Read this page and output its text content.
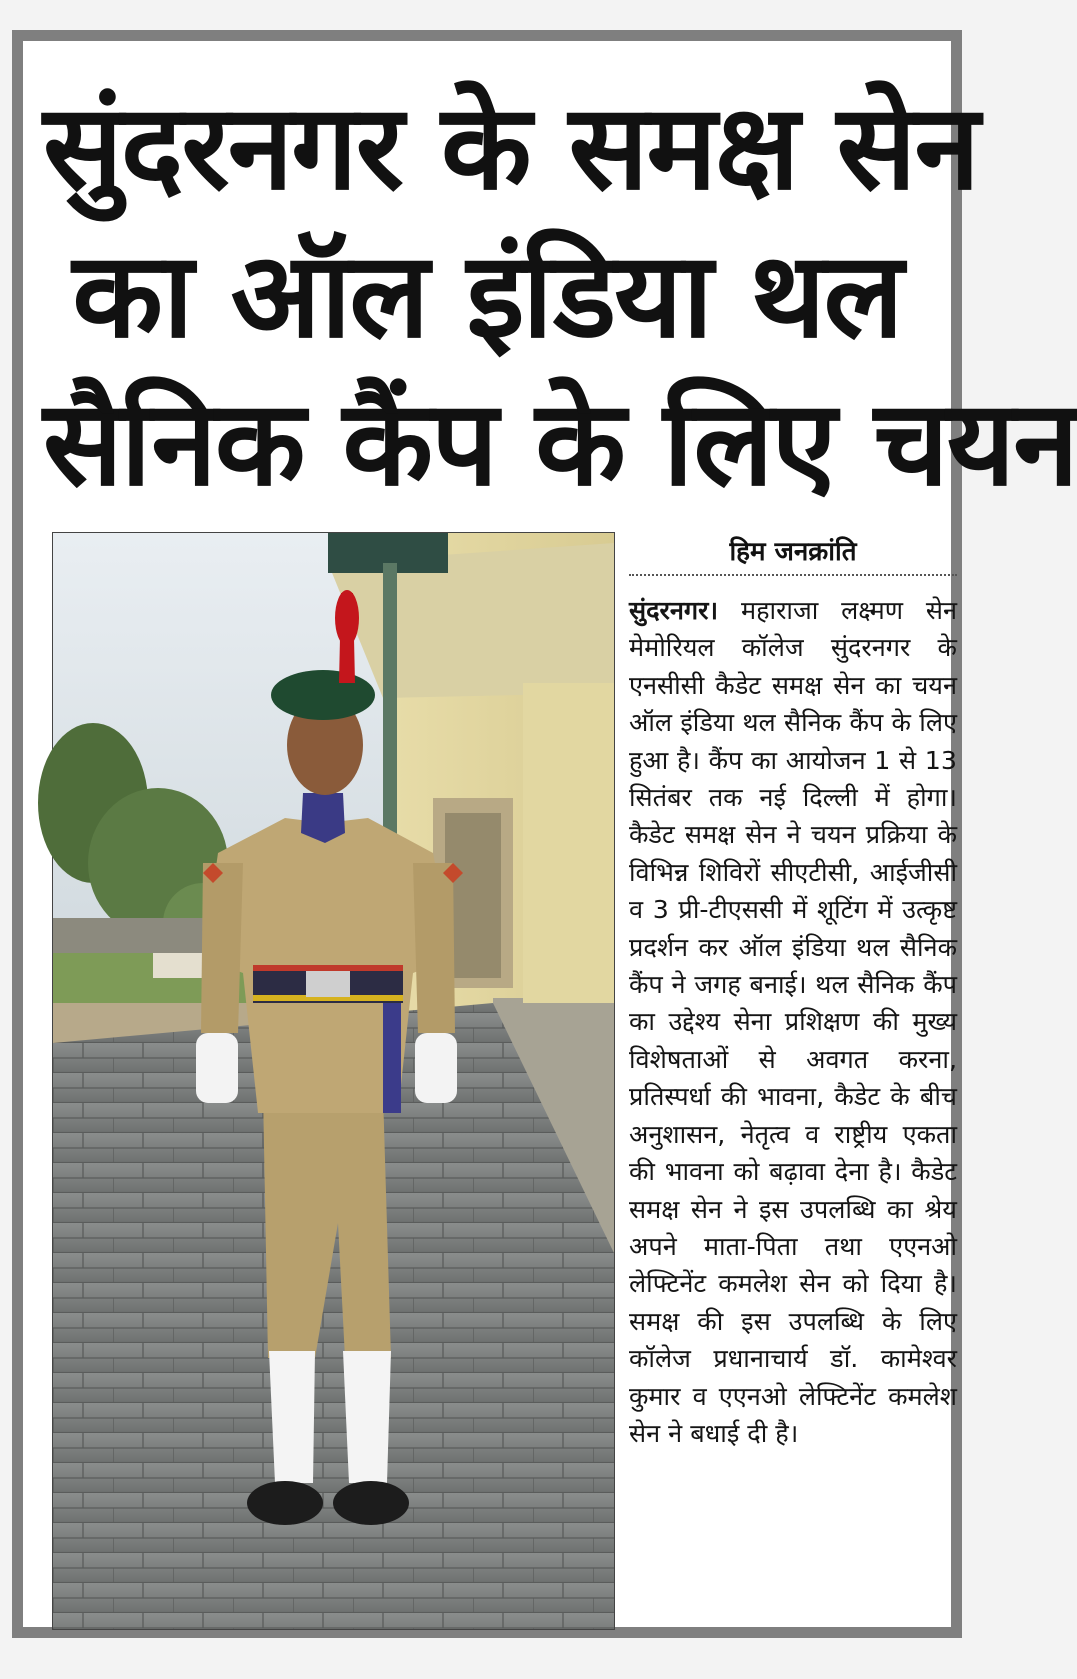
सुंदरनगर के समक्ष सेन
का ऑल इंडिया थल
सैनिक कैंप के लिए चयन
हिम जनक्रांति

सुंदरनगर। महाराजा लक्ष्मण सेन मेमोरियल कॉलेज सुंदरनगर के एनसीसी कैडेट समक्ष सेन का चयन ऑल इंडिया थल सैनिक कैंप के लिए हुआ है। कैंप का आयोजन 1 से 13 सितंबर तक नई दिल्ली में होगा। कैडेट समक्ष सेन ने चयन प्रक्रिया के विभिन्न शिविरों सीएटीसी, आईजीसी व 3 प्री-टीएससी में शूटिंग में उत्कृष्ट प्रदर्शन कर ऑल इंडिया थल सैनिक कैंप ने जगह बनाई। थल सैनिक कैंप का उद्देश्य सेना प्रशिक्षण की मुख्य विशेषताओं से अवगत करना, प्रतिस्पर्धा की भावना, कैडेट के बीच अनुशासन, नेतृत्व व राष्ट्रीय एकता की भावना को बढ़ावा देना है। कैडेट समक्ष सेन ने इस उपलब्धि का श्रेय अपने माता-पिता तथा एएनओ लेफ्टिनेंट कमलेश सेन को दिया है। समक्ष की इस उपलब्धि के लिए कॉलेज प्रधानाचार्य डॉ. कामेश्वर कुमार व एएनओ लेफ्टिनेंट कमलेश सेन ने बधाई दी है।
